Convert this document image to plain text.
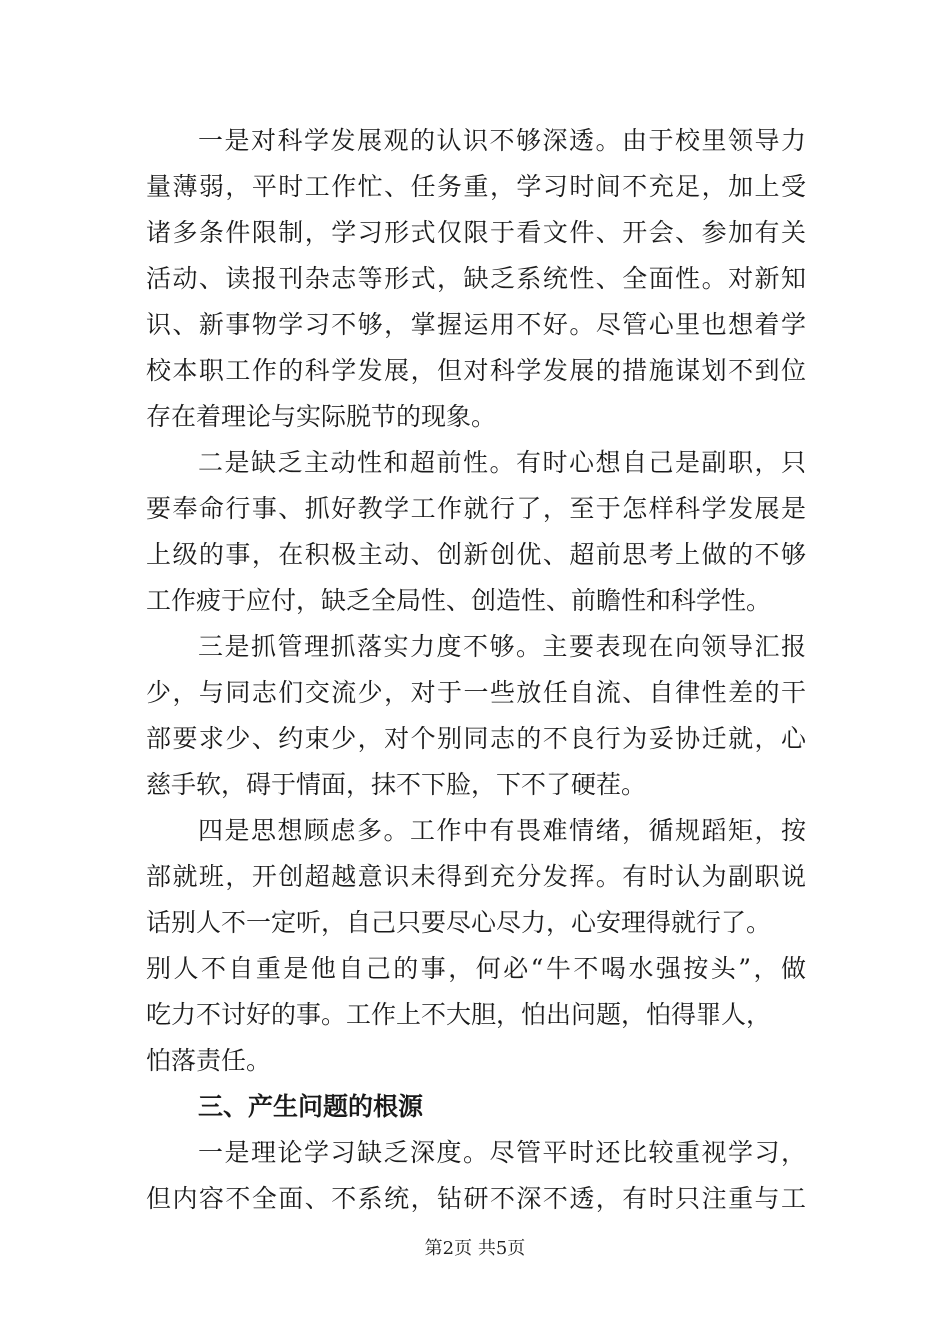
一是对科学发展观的认识不够深透。由于校里领导力
量薄弱，平时工作忙、任务重，学习时间不充足，加上受
诸多条件限制，学习形式仅限于看文件、开会、参加有关
活动、读报刊杂志等形式，缺乏系统性、全面性。对新知
识、新事物学习不够，掌握运用不好。尽管心里也想着学
校本职工作的科学发展，但对科学发展的措施谋划不到位
存在着理论与实际脱节的现象。
二是缺乏主动性和超前性。有时心想自己是副职，只
要奉命行事、抓好教学工作就行了，至于怎样科学发展是
上级的事，在积极主动、创新创优、超前思考上做的不够
工作疲于应付，缺乏全局性、创造性、前瞻性和科学性。
三是抓管理抓落实力度不够。主要表现在向领导汇报
少，与同志们交流少，对于一些放任自流、自律性差的干
部要求少、约束少，对个别同志的不良行为妥协迁就，心
慈手软，碍于情面，抹不下脸，下不了硬茬。
四是思想顾虑多。工作中有畏难情绪，循规蹈矩，按
部就班，开创超越意识未得到充分发挥。有时认为副职说
话别人不一定听，自己只要尽心尽力，心安理得就行了。
别人不自重是他自己的事，何必“牛不喝水强按头”，做
吃力不讨好的事。工作上不大胆，怕出问题，怕得罪人，
怕落责任。
三、产生问题的根源
一是理论学习缺乏深度。尽管平时还比较重视学习，
但内容不全面、不系统，钻研不深不透，有时只注重与工
第2页 共5页
